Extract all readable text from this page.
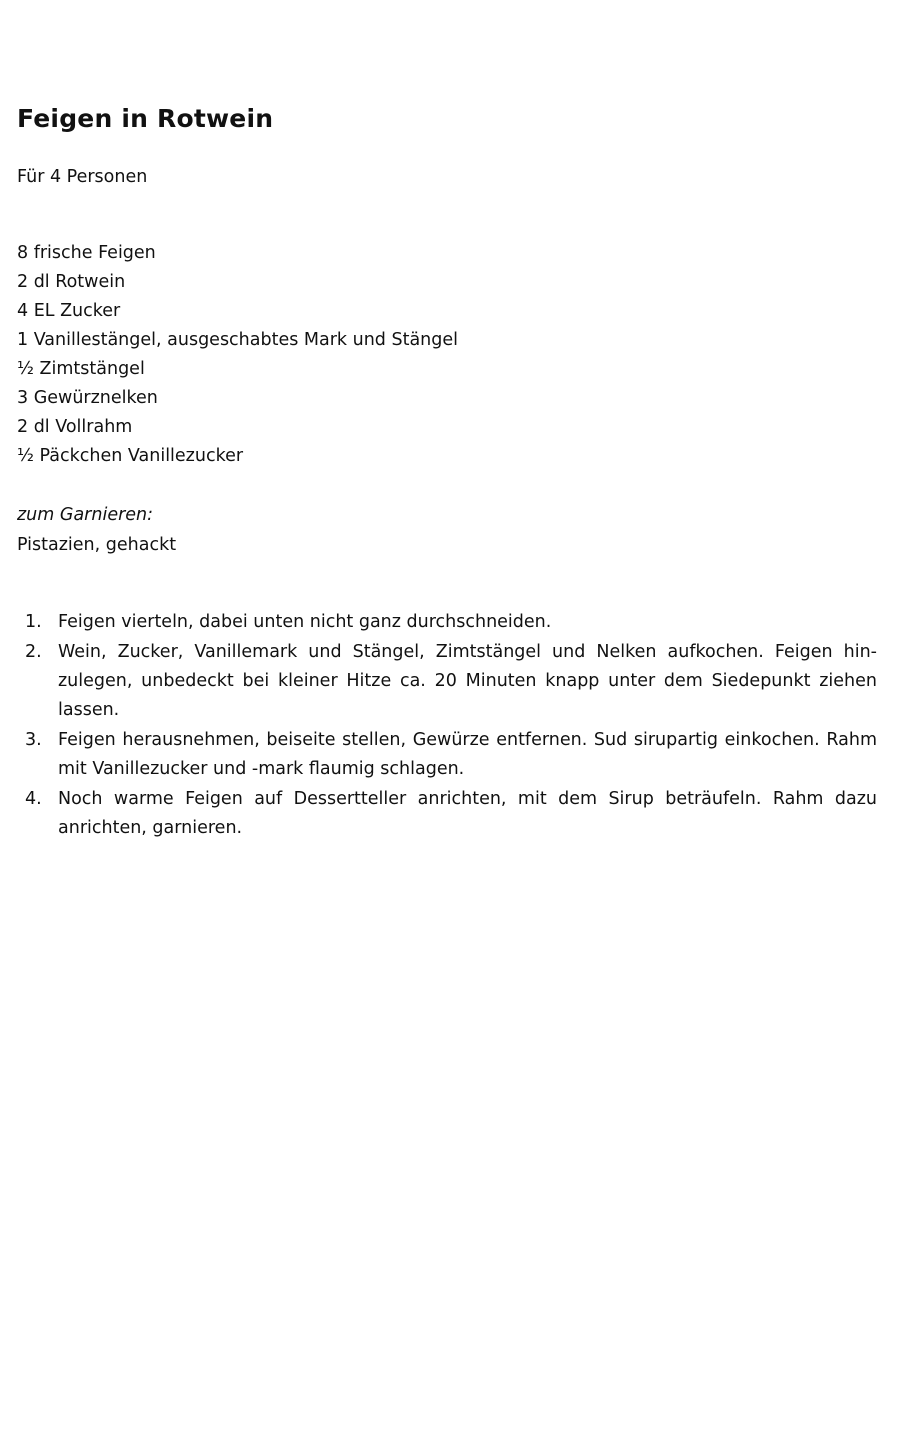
Feigen in Rotwein
Für 4 Personen
8 frische Feigen
2 dl Rotwein
4 EL Zucker
1 Vanillestängel, ausgeschabtes Mark und Stängel
½ Zimtstängel
3 Gewürznelken
2 dl Vollrahm
½ Päckchen Vanillezucker
zum Garnieren:
Pistazien, gehackt
1. Feigen vierteln, dabei unten nicht ganz durchschneiden.
2. Wein, Zucker, Vanillemark und Stängel, Zimtstängel und Nelken aufkochen. Feigen hinzulegen, unbedeckt bei kleiner Hitze ca. 20 Minuten knapp unter dem Siedepunkt ziehen lassen.
3. Feigen herausnehmen, beiseite stellen, Gewürze entfernen. Sud sirupartig einkochen. Rahm mit Vanillezucker und -mark flaumig schlagen.
4. Noch warme Feigen auf Dessertteller anrichten, mit dem Sirup beträufeln. Rahm dazu anrichten, garnieren.
